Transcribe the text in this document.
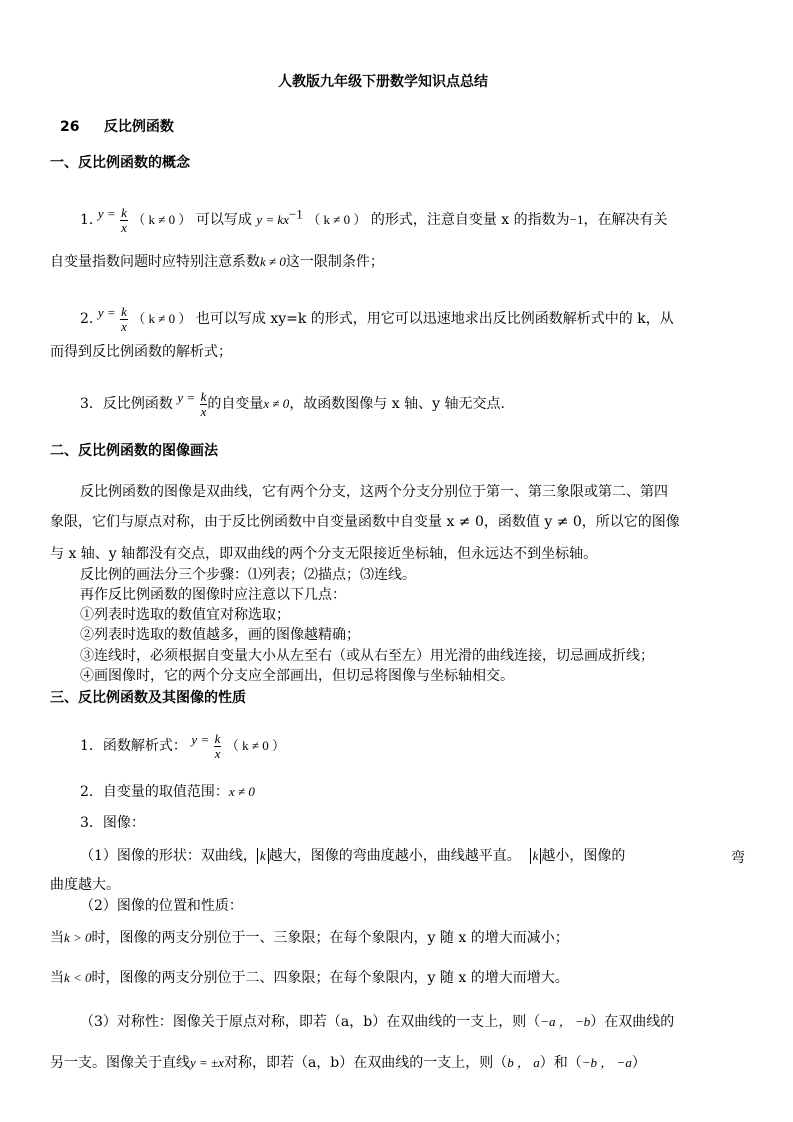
人教版九年级下册数学知识点总结
26 反比例函数
一、反比例函数的概念
1. $y = \frac{k}{x}$ （ k ≠ 0 ） 可以写成 $y = kx^{-1}$ （ k ≠ 0 ） 的形式，注意自变量 x 的指数为−1，在解决有关
自变量指数问题时应特别注意系数k ≠ 0这一限制条件；
2. $y = \frac{k}{x}$ （ k ≠ 0 ） 也可以写成 xy=k 的形式，用它可以迅速地求出反比例函数解析式中的 k，从
而得到反比例函数的解析式；
3．反比例函数 $y = \frac{k}{x}$ 的自变量x ≠ 0，故函数图像与 x 轴、y 轴无交点.
二、反比例函数的图像画法
反比例函数的图像是双曲线，它有两个分支，这两个分支分别位于第一、第三象限或第二、第四
象限，它们与原点对称，由于反比例函数中自变量函数中自变量 x ≠ 0，函数值 y ≠ 0，所以它的图像
与 x 轴、y 轴都没有交点，即双曲线的两个分支无限接近坐标轴，但永远达不到坐标轴。
反比例的画法分三个步骤：⑴列表；⑵描点；⑶连线。
再作反比例函数的图像时应注意以下几点：
①列表时选取的数值宜对称选取；
②列表时选取的数值越多，画的图像越精确；
③连线时，必须根据自变量大小从左至右（或从右至左）用光滑的曲线连接，切忌画成折线；
④画图像时，它的两个分支应全部画出，但切忌将图像与坐标轴相交。
三、反比例函数及其图像的性质
1．函数解析式： $y = \frac{k}{x}$ （ k ≠ 0 ）
2．自变量的取值范围：x ≠ 0
3．图像：
（1）图像的形状：双曲线， k 越大，图像的弯曲度越小，曲线越平直。 k 越小，图像的	弯
曲度越大。
（2）图像的位置和性质：
当k > 0时，图像的两支分别位于一、三象限；在每个象限内，y 随 x 的增大而减小；
当k < 0时，图像的两支分别位于二、四象限；在每个象限内，y 随 x 的增大而增大。
（3）对称性：图像关于原点对称，即若（a，b）在双曲线的一支上，则（−a ， −b）在双曲线的
另一支。图像关于直线y = ±x对称，即若（a，b）在双曲线的一支上，则（b ， a）和（−b ， −a）
